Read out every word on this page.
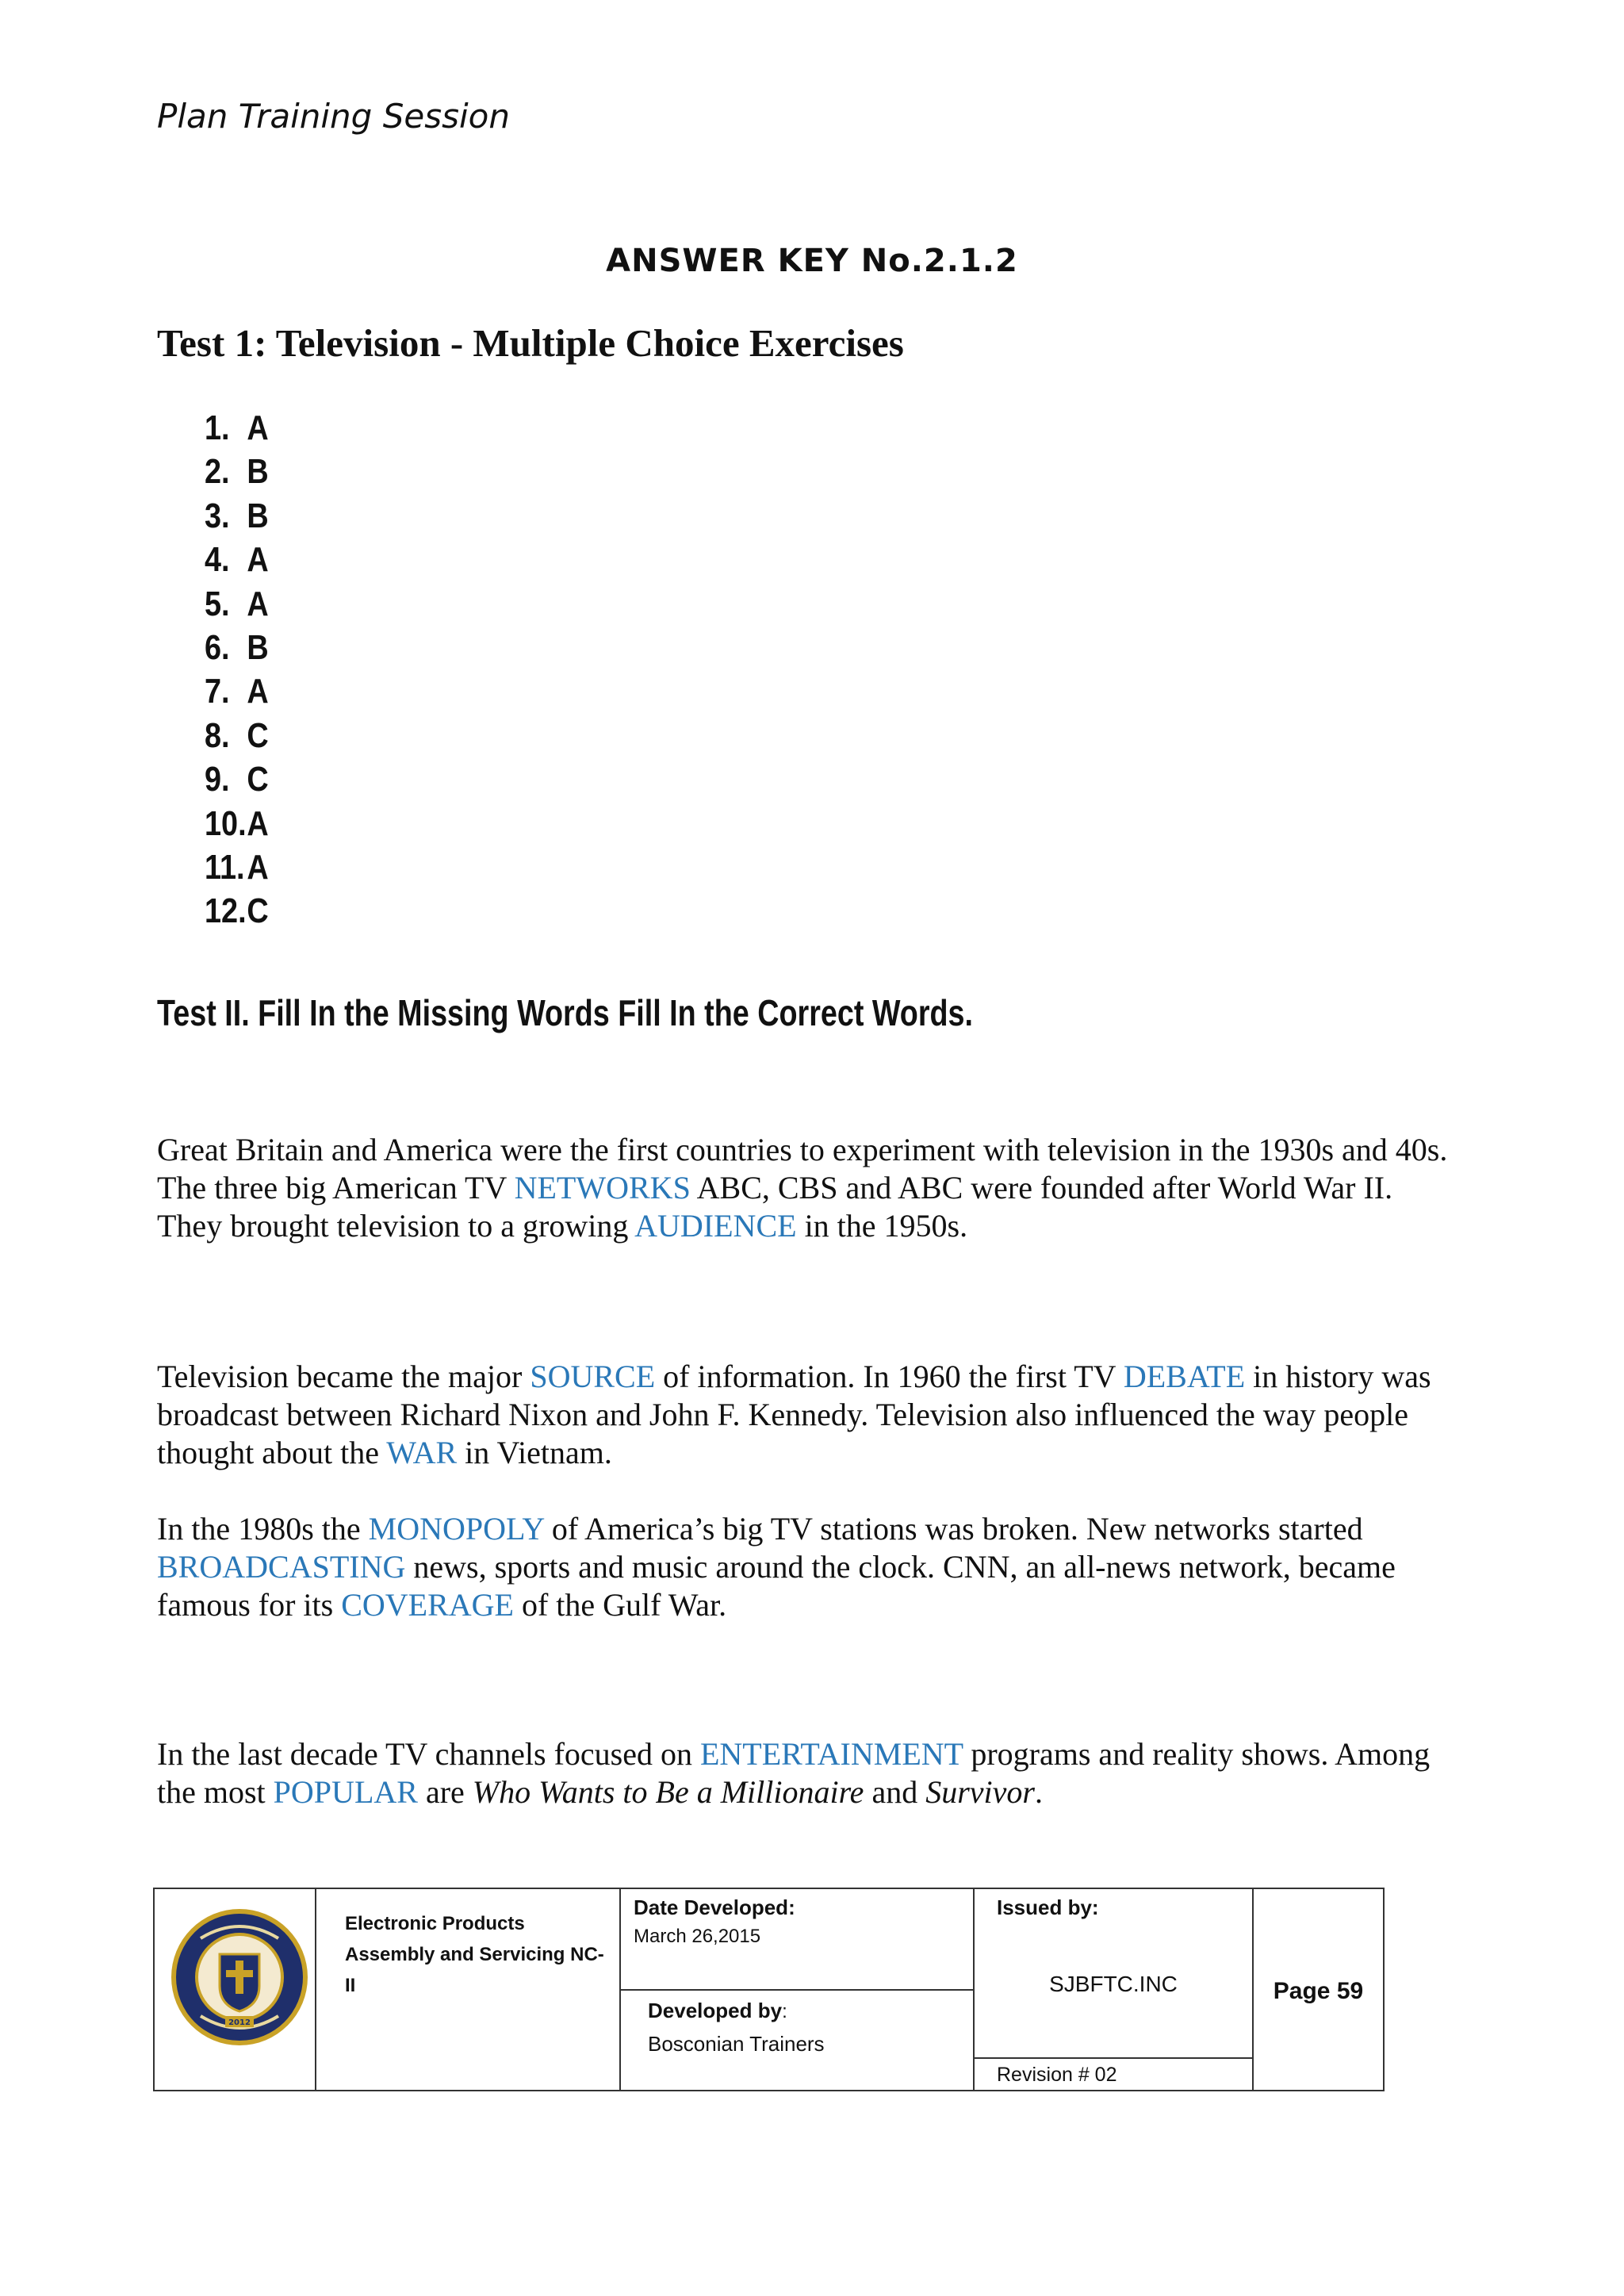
Plan Training Session
ANSWER KEY No.2.1.2
Test 1: Television - Multiple Choice Exercises
1. A
2. B
3. B
4. A
5. A
6. B
7. A
8. C
9. C
10.A
11.A
12.C
Test II. Fill In the Missing Words Fill In the Correct Words.

Great Britain and America were the first countries to experiment with television in the 1930s and 40s. The three big American TV NETWORKS ABC, CBS and ABC were founded after World War II. They brought television to a growing AUDIENCE in the 1950s.

Television became the major SOURCE of information. In 1960 the first TV DEBATE in history was broadcast between Richard Nixon and John F. Kennedy. Television also influenced the way people thought about the WAR in Vietnam.

In the 1980s the MONOPOLY of America’s big TV stations was broken. New networks started BROADCASTING news, sports and music around the clock. CNN, an all-news network, became famous for its COVERAGE of the Gulf War.

In the last decade TV channels focused on ENTERTAINMENT programs and reality shows. Among the most POPULAR are Who Wants to Be a Millionaire and Survivor.

2012
Electronic Products Assembly and Servicing NC-II
Date Developed:
March 26,2015
Developed by:
Bosconian Trainers
Issued by:
SJBFTC.INC
Revision # 02
Page 59
